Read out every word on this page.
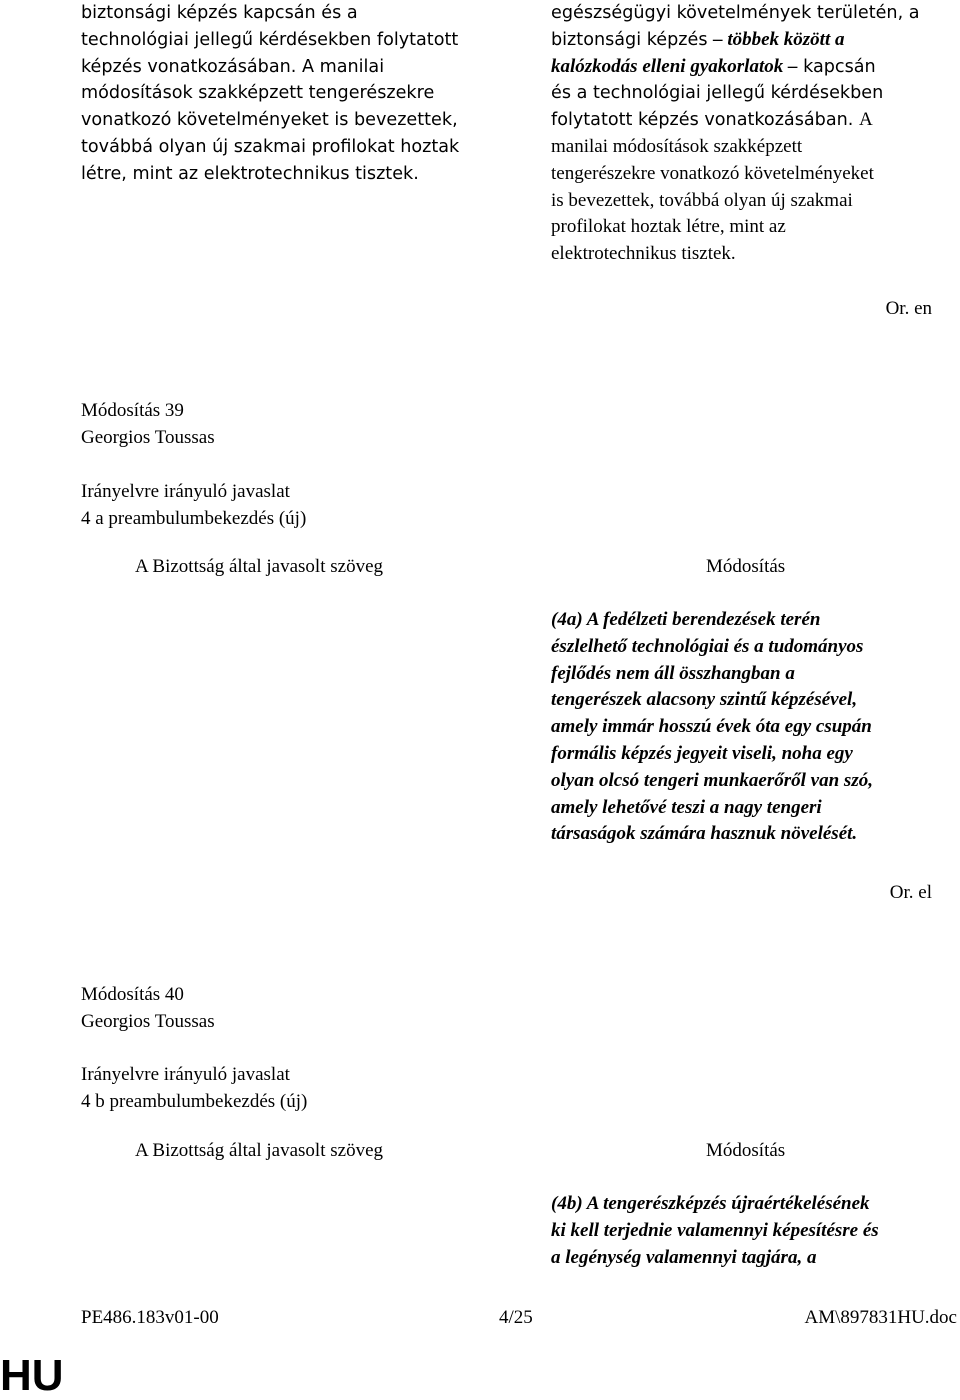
biztonsági képzés kapcsán és a
technológiai jellegű kérdésekben folytatott
képzés vonatkozásában. A manilai
módosítások szakképzett tengerészekre
vonatkozó követelményeket is bevezettek,
továbbá olyan új szakmai profilokat hoztak
létre, mint az elektrotechnikus tisztek.
egészségügyi követelmények területén, a
biztonsági képzés – többek között a
kalózkodás elleni gyakorlatok – kapcsán
és a technológiai jellegű kérdésekben
folytatott képzés vonatkozásában. A
manilai módosítások szakképzett
tengerészekre vonatkozó követelményeket
is bevezettek, továbbá olyan új szakmai
profilokat hoztak létre, mint az
elektrotechnikus tisztek.
Or. en
Módosítás 39
Georgios Toussas
Irányelvre irányuló javaslat
4 a preambulumbekezdés (új)
A Bizottság által javasolt szöveg	Módosítás
(4a) A fedélzeti berendezések terén
észlelhető technológiai és a tudományos
fejlődés nem áll összhangban a
tengerészek alacsony szintű képzésével,
amely immár hosszú évek óta egy csupán
formális képzés jegyeit viseli, noha egy
olyan olcsó tengeri munkaerőről van szó,
amely lehetővé teszi a nagy tengeri
társaságok számára hasznuk növelését.
Or. el
Módosítás 40
Georgios Toussas
Irányelvre irányuló javaslat
4 b preambulumbekezdés (új)
A Bizottság által javasolt szöveg	Módosítás
(4b) A tengerészképzés újraértékelésének
ki kell terjednie valamennyi képesítésre és
a legénység valamennyi tagjára, a
PE486.183v01-00	4/25	AM\897831HU.doc
HU
